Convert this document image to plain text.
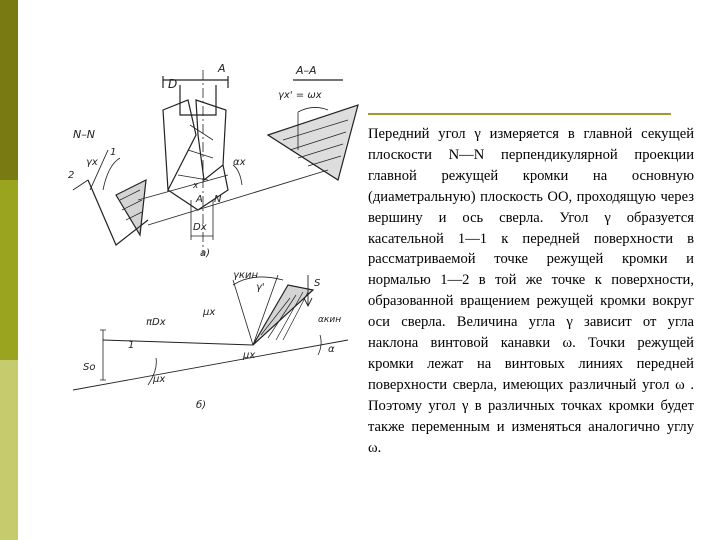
D
A	A–A
γx' = ωx
N–N
γx
1
2
αx
N
x
A
Dx
a)
γкин
γ'	S
πDx
μx
αкин
α
1
μx
μx
So
б)

Передний угол γ измеряется в главной секущей плоскости N—N перпендикулярной проекции главной режущей кромки на основную (диаметральную) плоскость OO, проходящую через вершину и ось сверла. Угол γ образуется касательной 1—1 к передней поверхности в рассматриваемой точке режущей кромки и нормалью 1—2 в той же точке к поверхности, образованной вращением режущей кромки вокруг оси сверла. Величина угла γ зависит от угла наклона винтовой канавки ω. Точки режущей кромки лежат на винтовых линиях передней поверхности сверла, имеющих различный угол ω . Поэтому угол γ в различных точках кромки будет также переменным и изменяться аналогично углу ω.
